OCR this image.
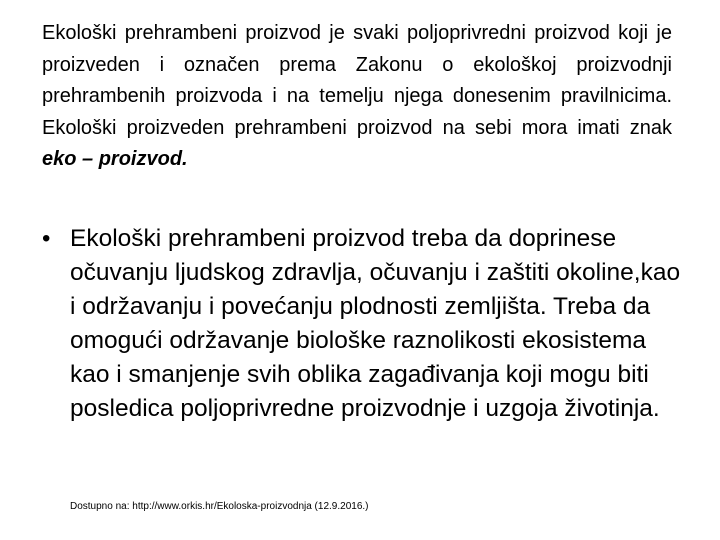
Ekološki prehrambeni proizvod je svaki poljoprivredni proizvod koji je proizveden i označen prema Zakonu o ekološkoj proizvodnji prehrambenih proizvoda i na temelju njega donesenim pravilnicima. Ekološki proizveden prehrambeni proizvod na sebi mora imati znak eko – proizvod.

• Ekološki prehrambeni proizvod treba da doprinese očuvanju ljudskog zdravlja, očuvanju i zaštiti okoline,kao i održavanju i povećanju plodnosti zemljišta. Treba da omogući održavanje biološke raznolikosti ekosistema kao i smanjenje svih oblika zagađivanja koji mogu biti posledica poljoprivredne proizvodnje i uzgoja životinja.

Dostupno na: http://www.orkis.hr/Ekoloska-proizvodnja (12.9.2016.)
